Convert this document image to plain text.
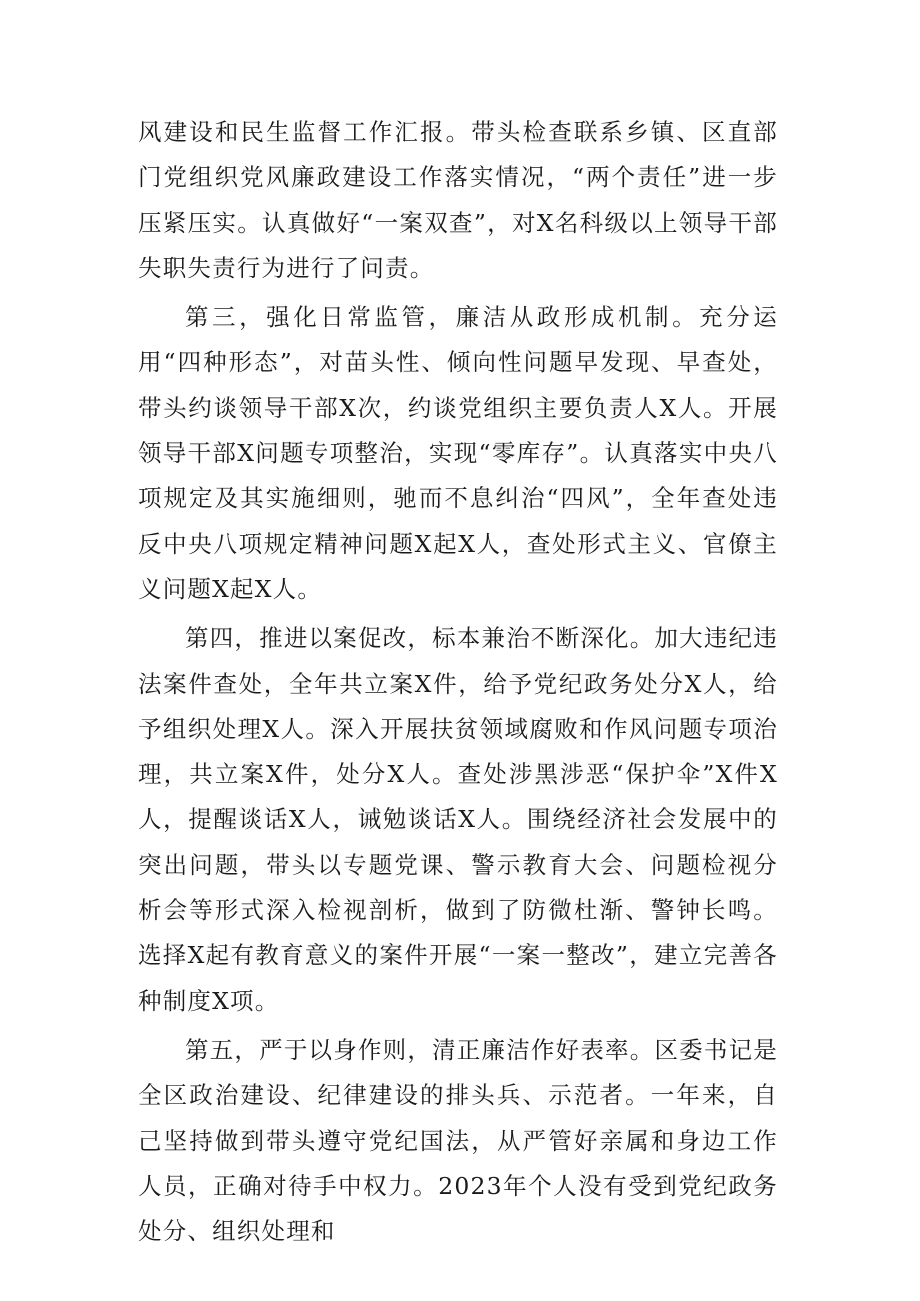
风建设和民生监督工作汇报。带头检查联系乡镇、区直部门党组织党风廉政建设工作落实情况，“两个责任”进一步压紧压实。认真做好“一案双查”，对X名科级以上领导干部失职失责行为进行了问责。

第三，强化日常监管，廉洁从政形成机制。充分运用“四种形态”，对苗头性、倾向性问题早发现、早查处，带头约谈领导干部X次，约谈党组织主要负责人X人。开展领导干部X问题专项整治，实现“零库存”。认真落实中央八项规定及其实施细则，驰而不息纠治“四风”，全年查处违反中央八项规定精神问题X起X人，查处形式主义、官僚主义问题X起X人。

第四，推进以案促改，标本兼治不断深化。加大违纪违法案件查处，全年共立案X件，给予党纪政务处分X人，给予组织处理X人。深入开展扶贫领域腐败和作风问题专项治理，共立案X件，处分X人。查处涉黑涉恶“保护伞”X件X人，提醒谈话X人，诫勉谈话X人。围绕经济社会发展中的突出问题，带头以专题党课、警示教育大会、问题检视分析会等形式深入检视剖析，做到了防微杜渐、警钟长鸣。选择X起有教育意义的案件开展“一案一整改”，建立完善各种制度X项。

第五，严于以身作则，清正廉洁作好表率。区委书记是全区政治建设、纪律建设的排头兵、示范者。一年来，自己坚持做到带头遵守党纪国法，从严管好亲属和身边工作人员，正确对待手中权力。2023年个人没有受到党纪政务处分、组织处理和
